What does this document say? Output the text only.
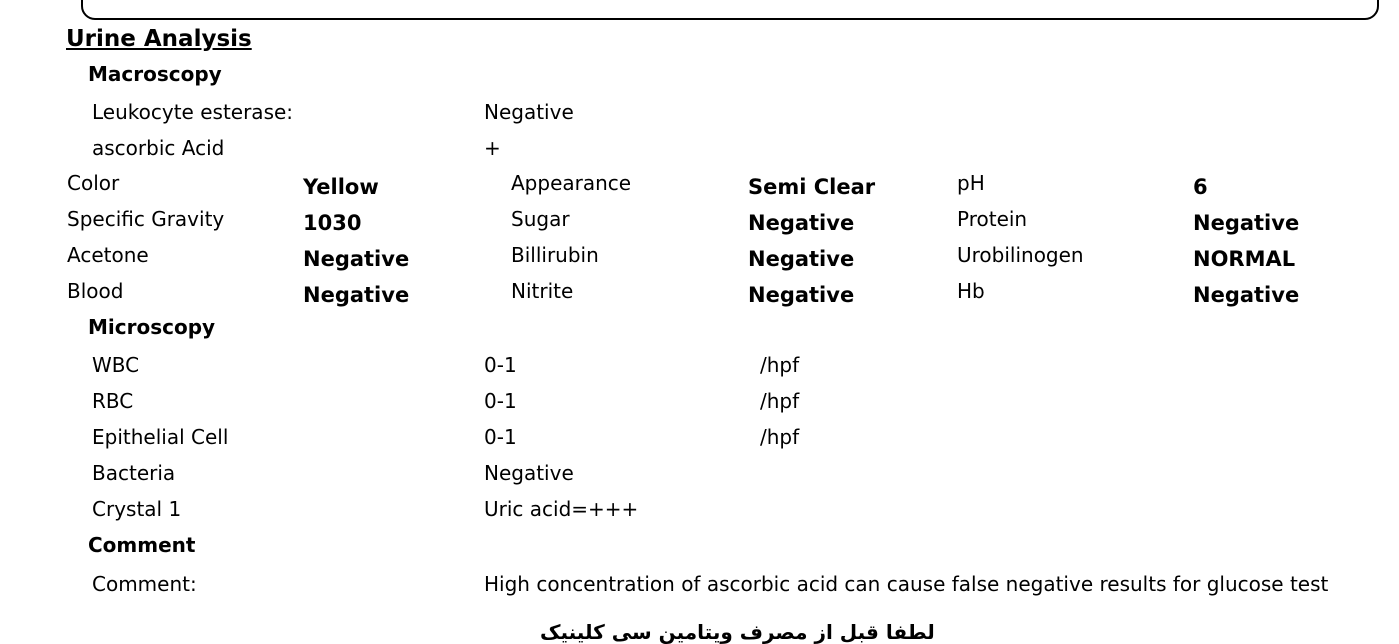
Urine Analysis
Macroscopy
Leukocyte esterase:	Negative
ascorbic Acid	+
Color	Yellow	Appearance	Semi Clear	pH	6
Specific Gravity	1030	Sugar	Negative	Protein	Negative
Acetone	Negative	Billirubin	Negative	Urobilinogen	NORMAL
Blood	Negative	Nitrite	Negative	Hb	Negative
Microscopy
WBC	0-1	/hpf
RBC	0-1	/hpf
Epithelial Cell	0-1	/hpf
Bacteria	Negative
Crystal 1	Uric acid=+++
Comment
Comment:	High concentration of ascorbic acid can cause false negative results for glucose test
لطفا قبل از مصرف ویتامین سی کلینیک
